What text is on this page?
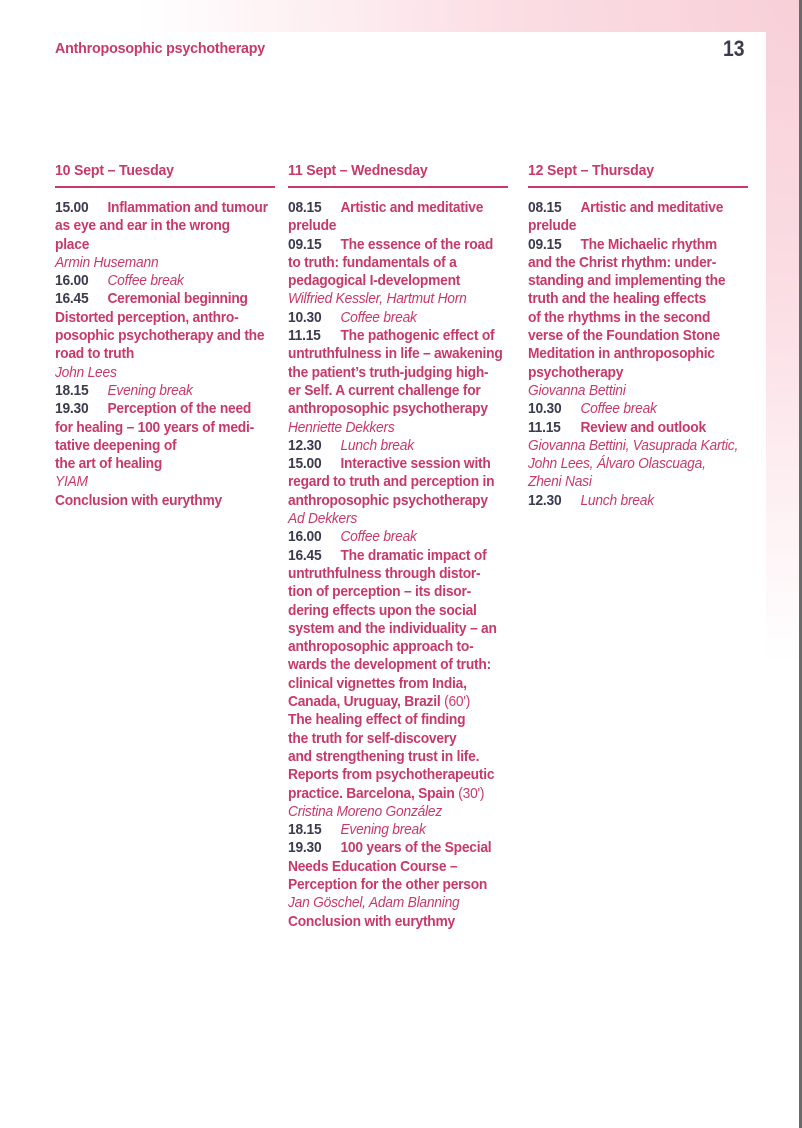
Anthroposophic psychotherapy	13
10 Sept – Tuesday
15.00 Inflammation and tumour
as eye and ear in the wrong
place
Armin Husemann
16.00 Coffee break
16.45 Ceremonial beginning
Distorted perception, anthro-
posophic psychotherapy and the
road to truth
John Lees
18.15 Evening break
19.30 Perception of the need
for healing – 100 years of medi-
tative deepening of
the art of healing
YIAM
Conclusion with eurythmy
11 Sept – Wednesday
08.15 Artistic and meditative
prelude
09.15 The essence of the road
to truth: fundamentals of a
pedagogical I-development
Wilfried Kessler, Hartmut Horn
10.30 Coffee break
11.15 The pathogenic effect of
untruthfulness in life – awakening
the patient’s truth-judging high-
er Self. A current challenge for
anthroposophic psychotherapy
Henriette Dekkers
12.30 Lunch break
15.00 Interactive session with
regard to truth and perception in
anthroposophic psychotherapy
Ad Dekkers
16.00 Coffee break
16.45 The dramatic impact of
untruthfulness through distor-
tion of perception – its disor-
dering effects upon the social
system and the individuality – an
anthroposophic approach to-
wards the development of truth:
clinical vignettes from India,
Canada, Uruguay, Brazil (60')
The healing effect of finding
the truth for self-discovery
and strengthening trust in life.
Reports from psychotherapeutic
practice. Barcelona, Spain (30')
Cristina Moreno González
18.15 Evening break
19.30 100 years of the Special
Needs Education Course –
Perception for the other person
Jan Göschel, Adam Blanning
Conclusion with eurythmy
12 Sept – Thursday
08.15 Artistic and meditative
prelude
09.15 The Michaelic rhythm
and the Christ rhythm: under-
standing and implementing the
truth and the healing effects
of the rhythms in the second
verse of the Foundation Stone
Meditation in anthroposophic
psychotherapy
Giovanna Bettini
10.30 Coffee break
11.15 Review and outlook
Giovanna Bettini, Vasuprada Kartic,
John Lees, Álvaro Olascuaga,
Zheni Nasi
12.30 Lunch break
